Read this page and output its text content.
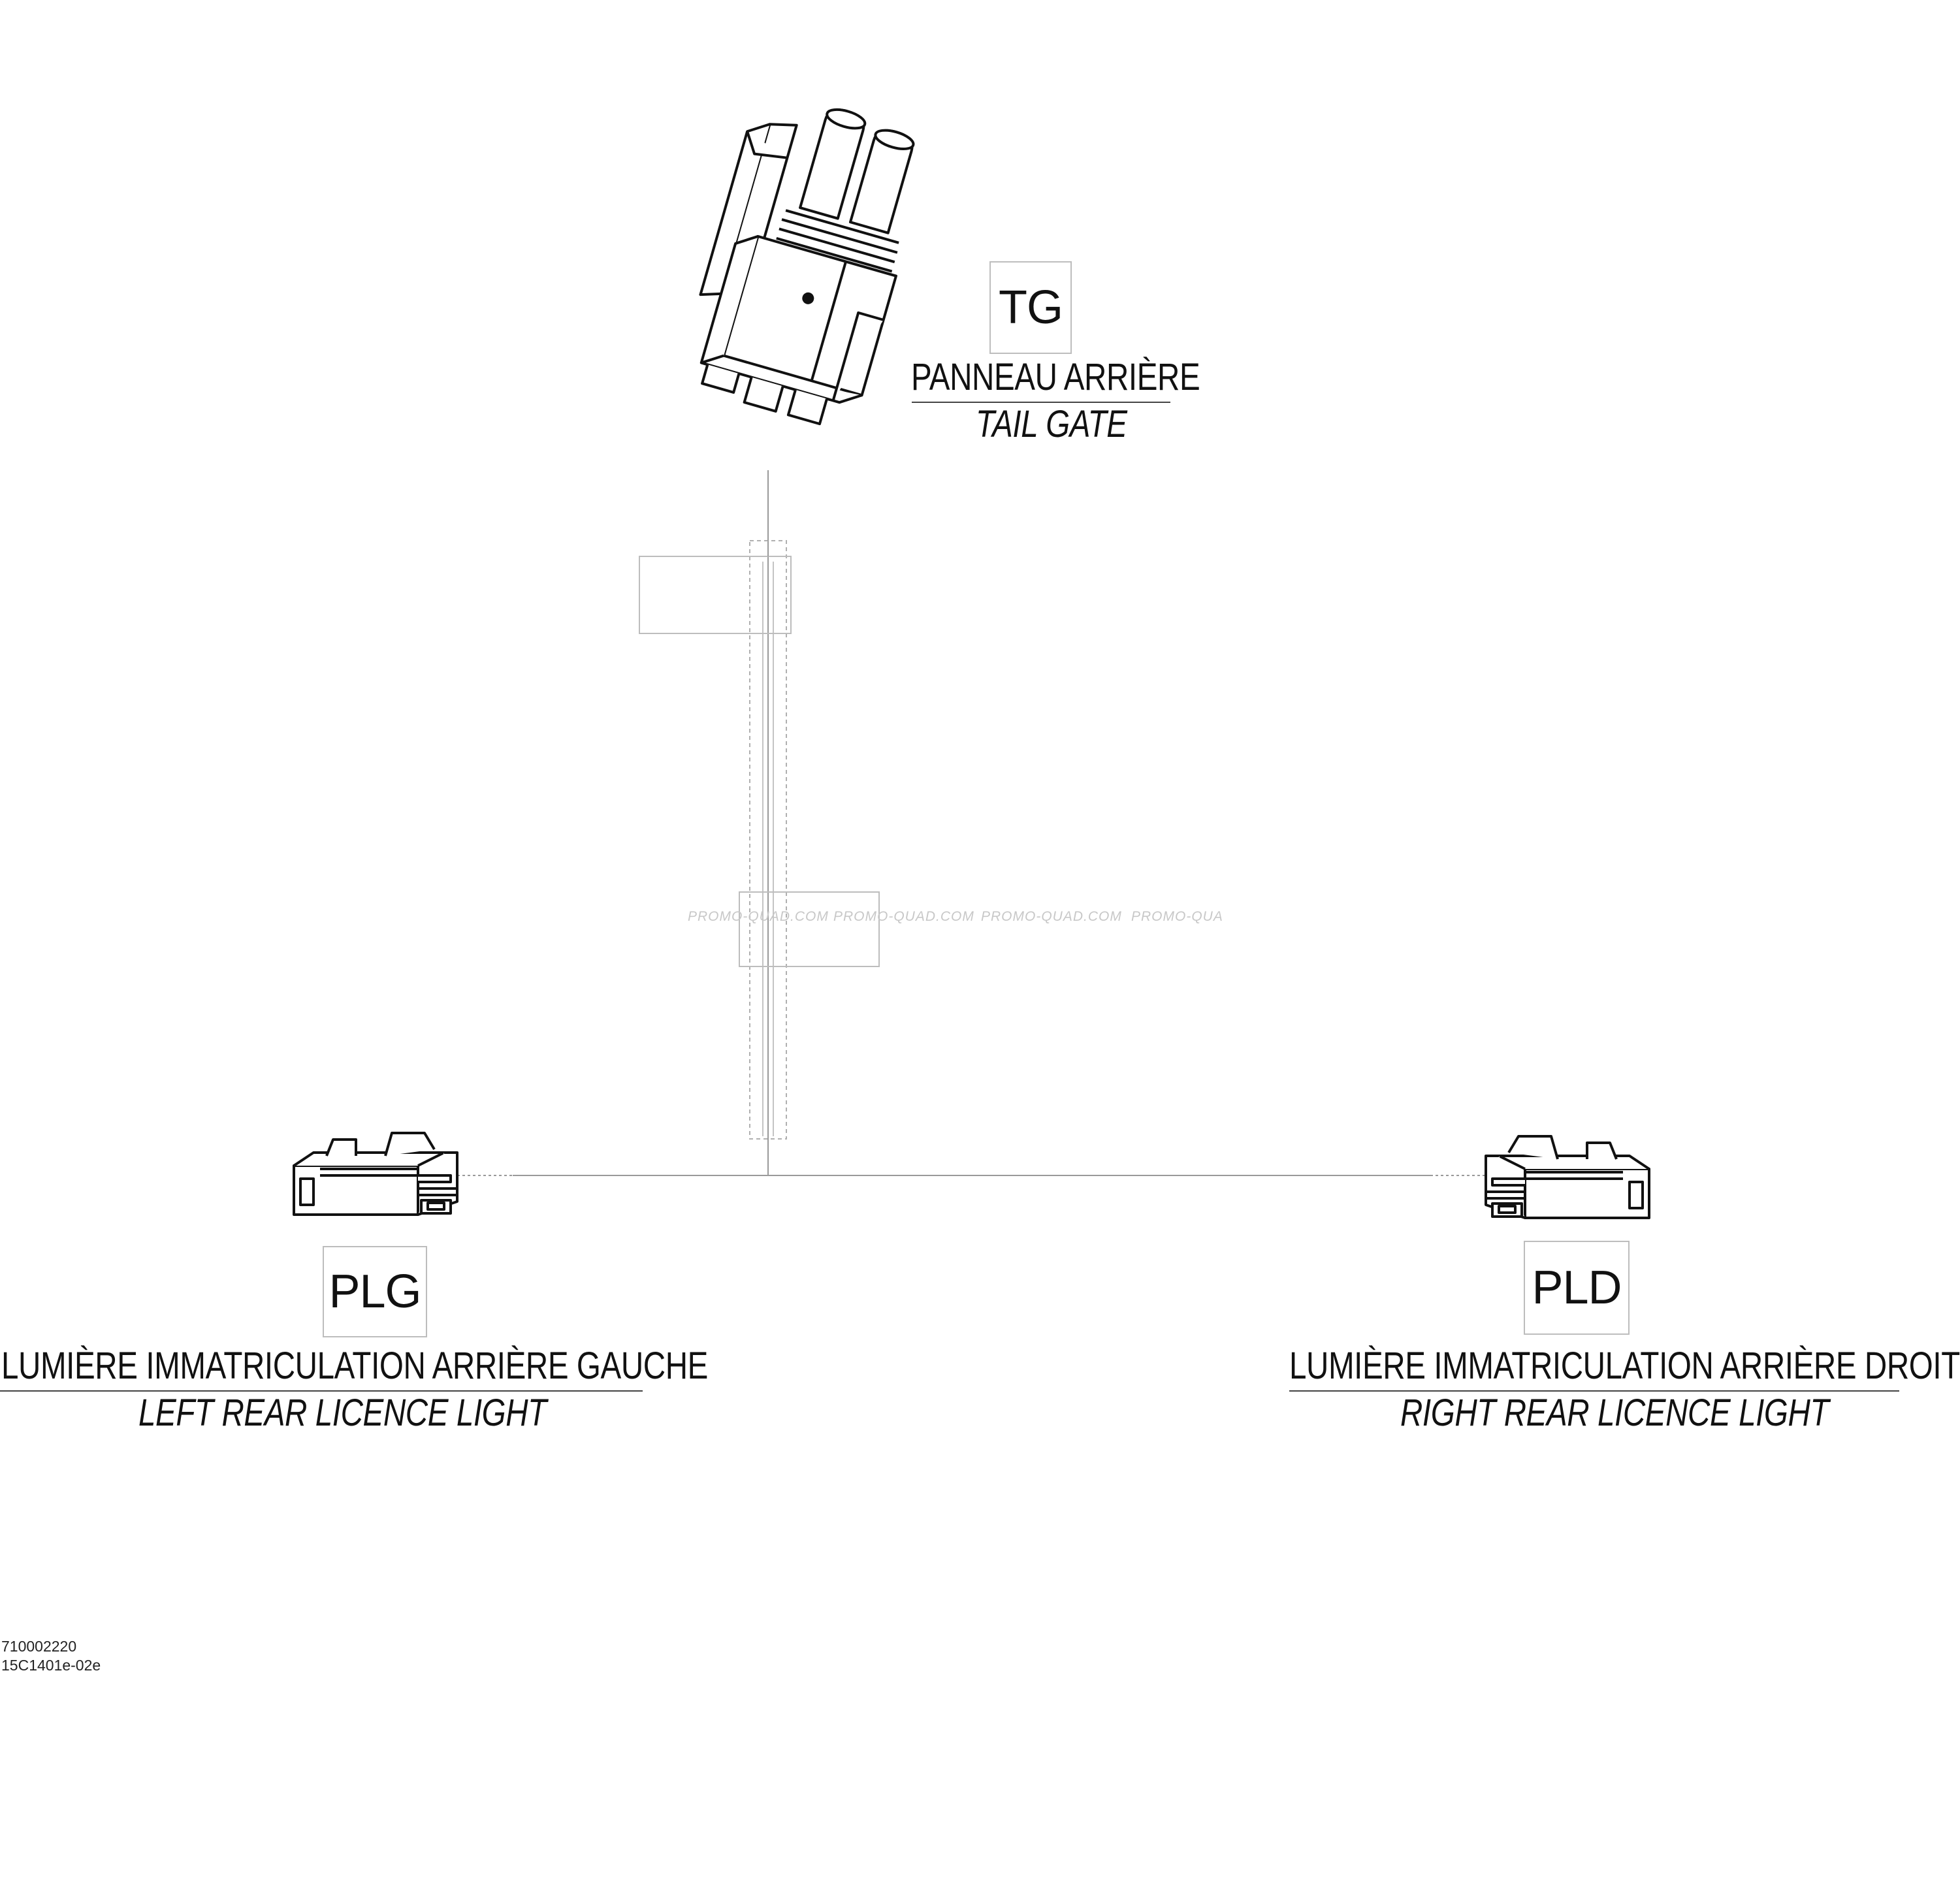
PROMO-QUAD.COM PROMO-QUAD.COM PROMO-QUAD.COM PROMO-QUA
TG
PANNEAU ARRIÈRE
TAIL GATE
PLG
LUMIÈRE IMMATRICULATION ARRIÈRE GAUCHE
LEFT REAR LICENCE LIGHT
PLD
LUMIÈRE IMMATRICULATION ARRIÈRE DROIT
RIGHT REAR LICENCE LIGHT
710002220
15C1401e-02e
